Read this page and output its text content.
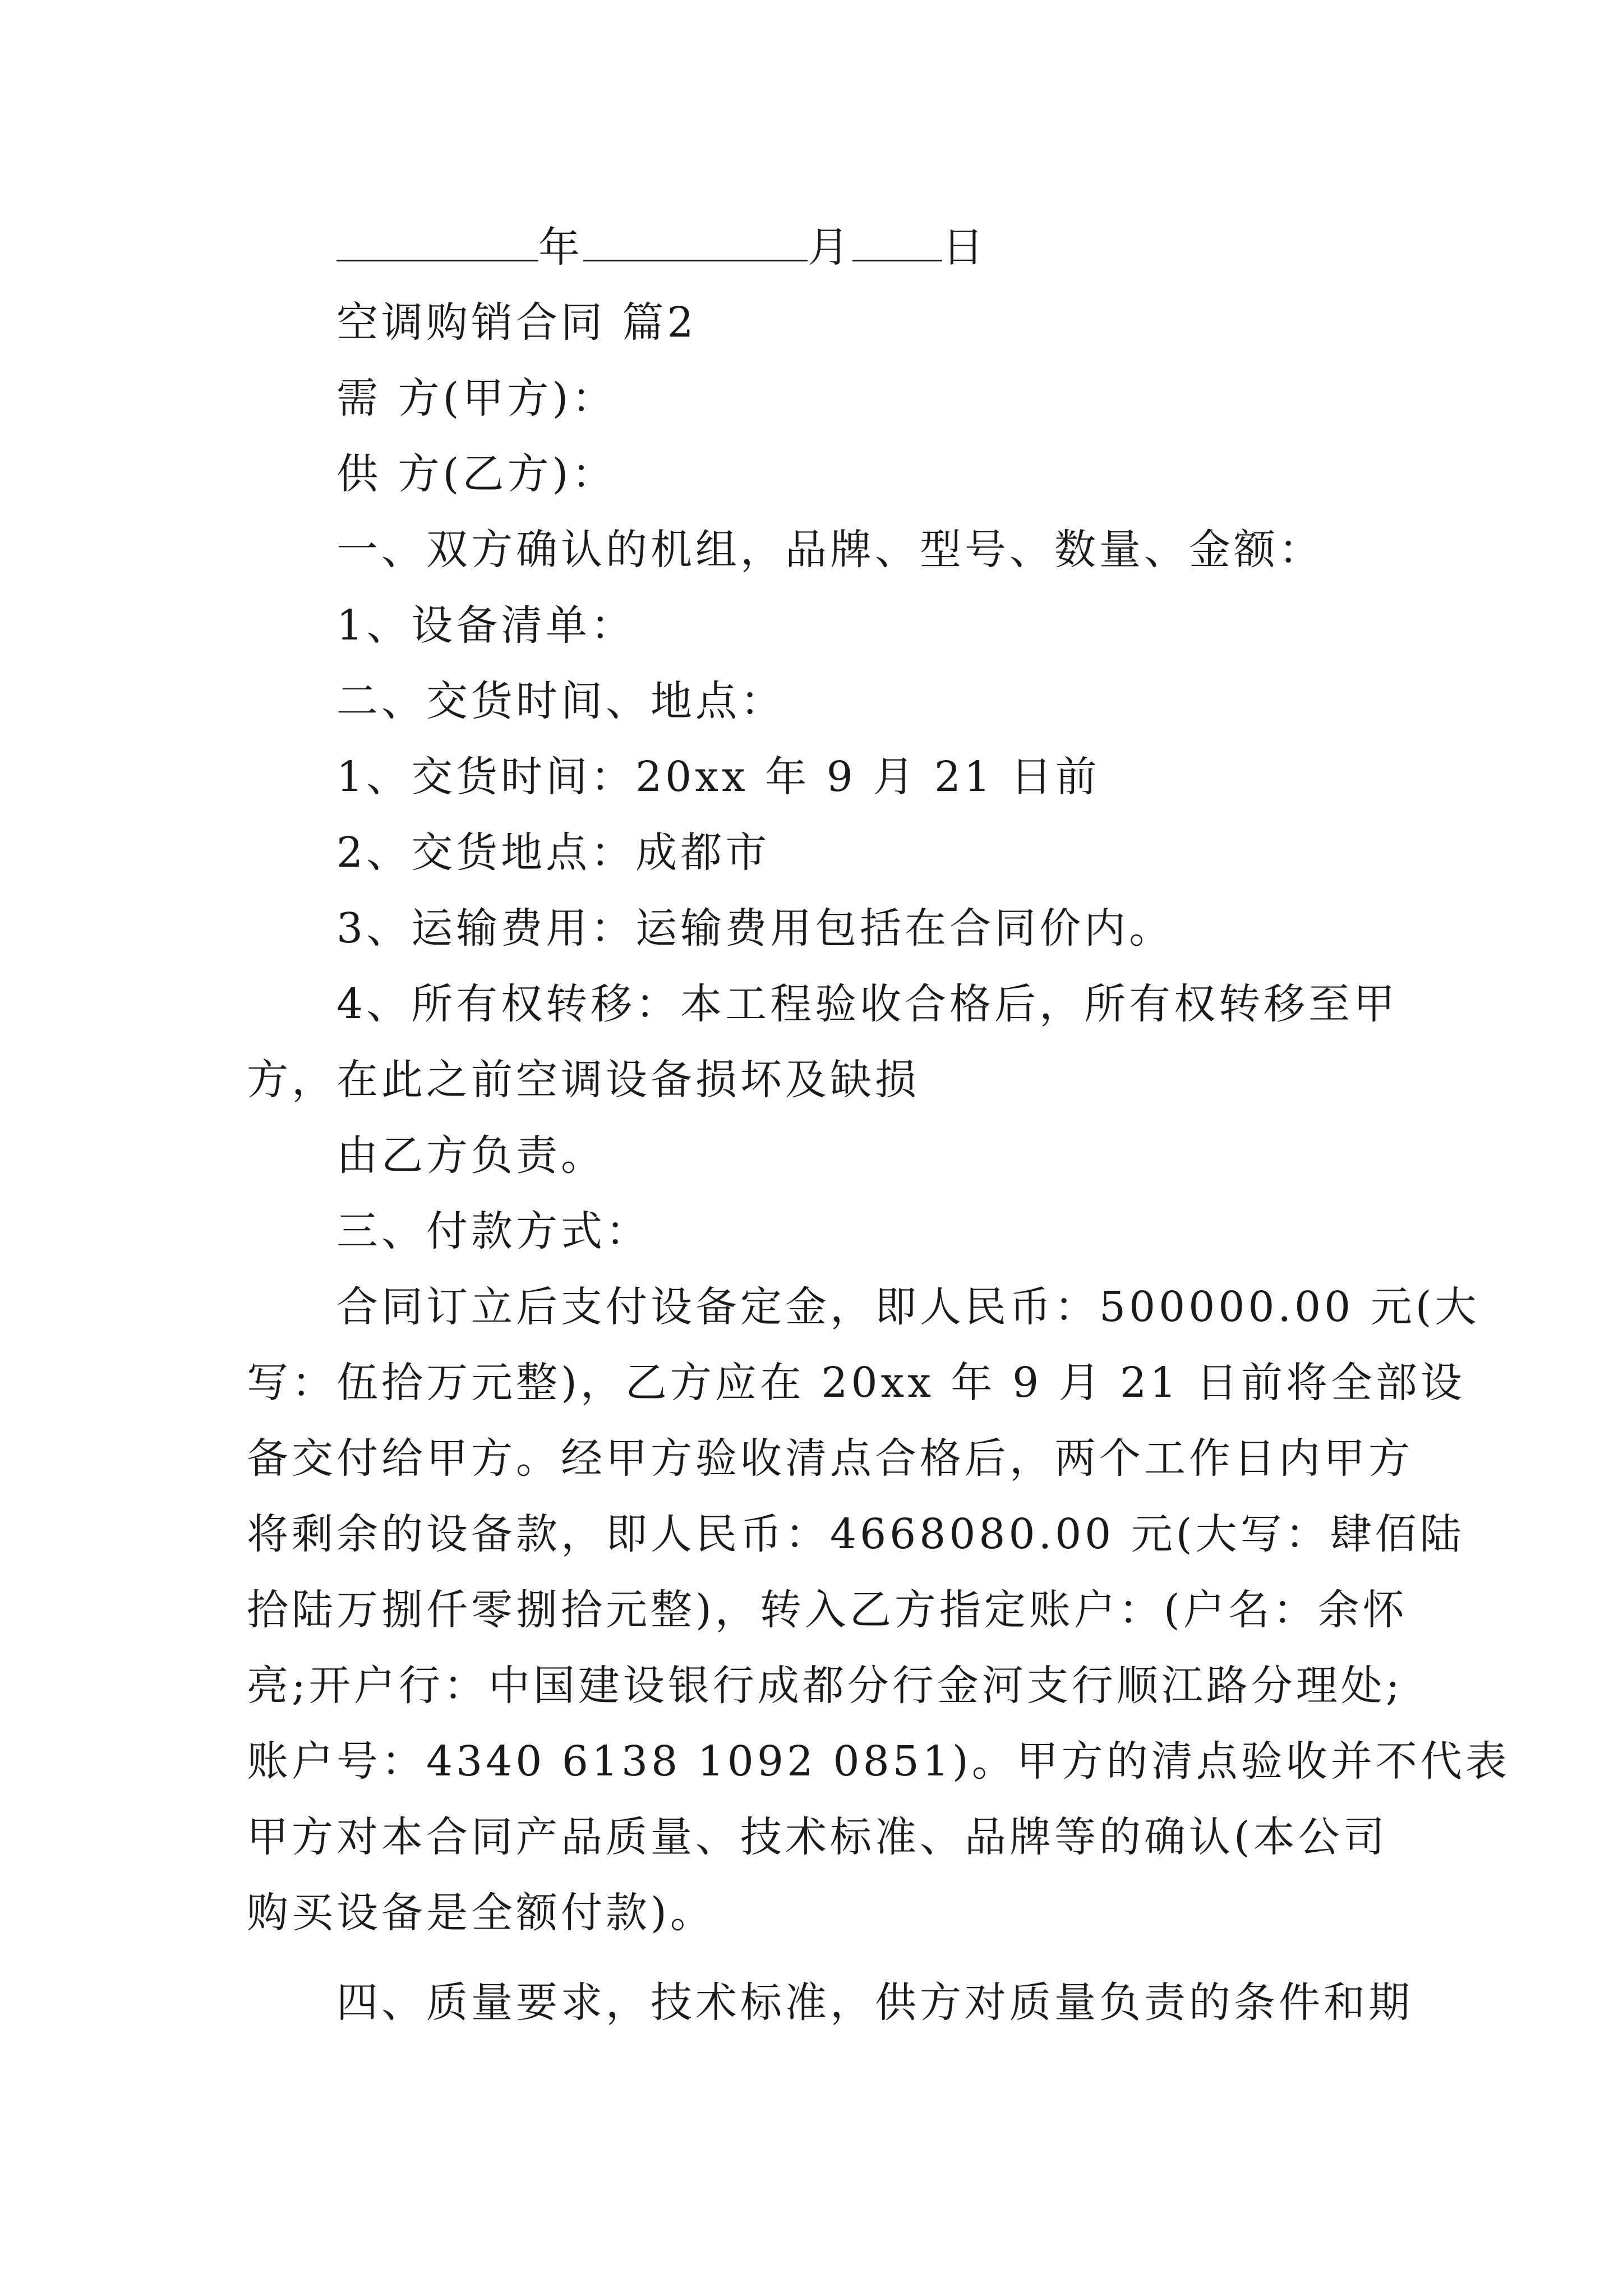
年	月 日
空调购销合同 篇2
需 方(甲方)：
供 方(乙方)：
一、双方确认的机组，品牌、型号、数量、金额：
1、设备清单：
二、交货时间、地点：
1、交货时间：20xx 年 9 月 21 日前
2、交货地点：成都市
3、运输费用：运输费用包括在合同价内。
4、所有权转移：本工程验收合格后，所有权转移至甲
方，在此之前空调设备损坏及缺损
由乙方负责。
三、付款方式：
合同订立后支付设备定金，即人民币：500000.00 元(大
写：伍拾万元整)，乙方应在 20xx 年 9 月 21 日前将全部设
备交付给甲方。经甲方验收清点合格后，两个工作日内甲方
将剩余的设备款，即人民币：4668080.00 元(大写：肆佰陆
拾陆万捌仟零捌拾元整)，转入乙方指定账户：(户名：余怀
亮;开户行：中国建设银行成都分行金河支行顺江路分理处;
账户号：4340 6138 1092 0851)。甲方的清点验收并不代表
甲方对本合同产品质量、技术标准、品牌等的确认(本公司
购买设备是全额付款)。
四、质量要求，技术标准，供方对质量负责的条件和期
